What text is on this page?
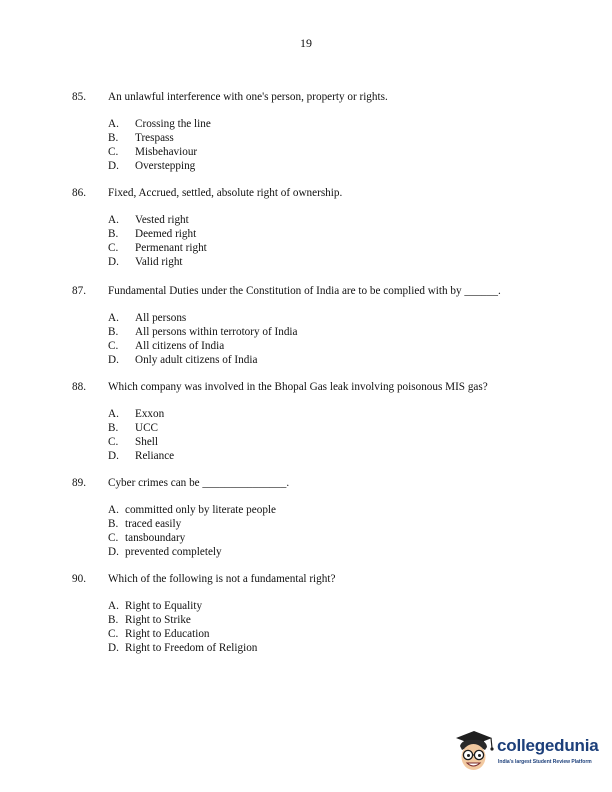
19
85. An unlawful interference with one's person, property or rights.
A. Crossing the line
B. Trespass
C. Misbehaviour
D. Overstepping
86. Fixed, Accrued, settled, absolute right of ownership.
A. Vested right
B. Deemed right
C. Permenant right
D. Valid right
87. Fundamental Duties under the Constitution of India are to be complied with by ______.
A. All persons
B. All persons within terrotory of India
C. All citizens of India
D. Only adult citizens of India
88. Which company was involved in the Bhopal Gas leak involving poisonous MIS gas?
A. Exxon
B. UCC
C. Shell
D. Reliance
89. Cyber crimes can be _______________.
A. committed only by literate people
B. traced easily
C. tansboundary
D. prevented completely
90. Which of the following is not a fundamental right?
A. Right to Equality
B. Right to Strike
C. Right to Education
D. Right to Freedom of Religion
collegedunia
India's largest Student Review Platform
